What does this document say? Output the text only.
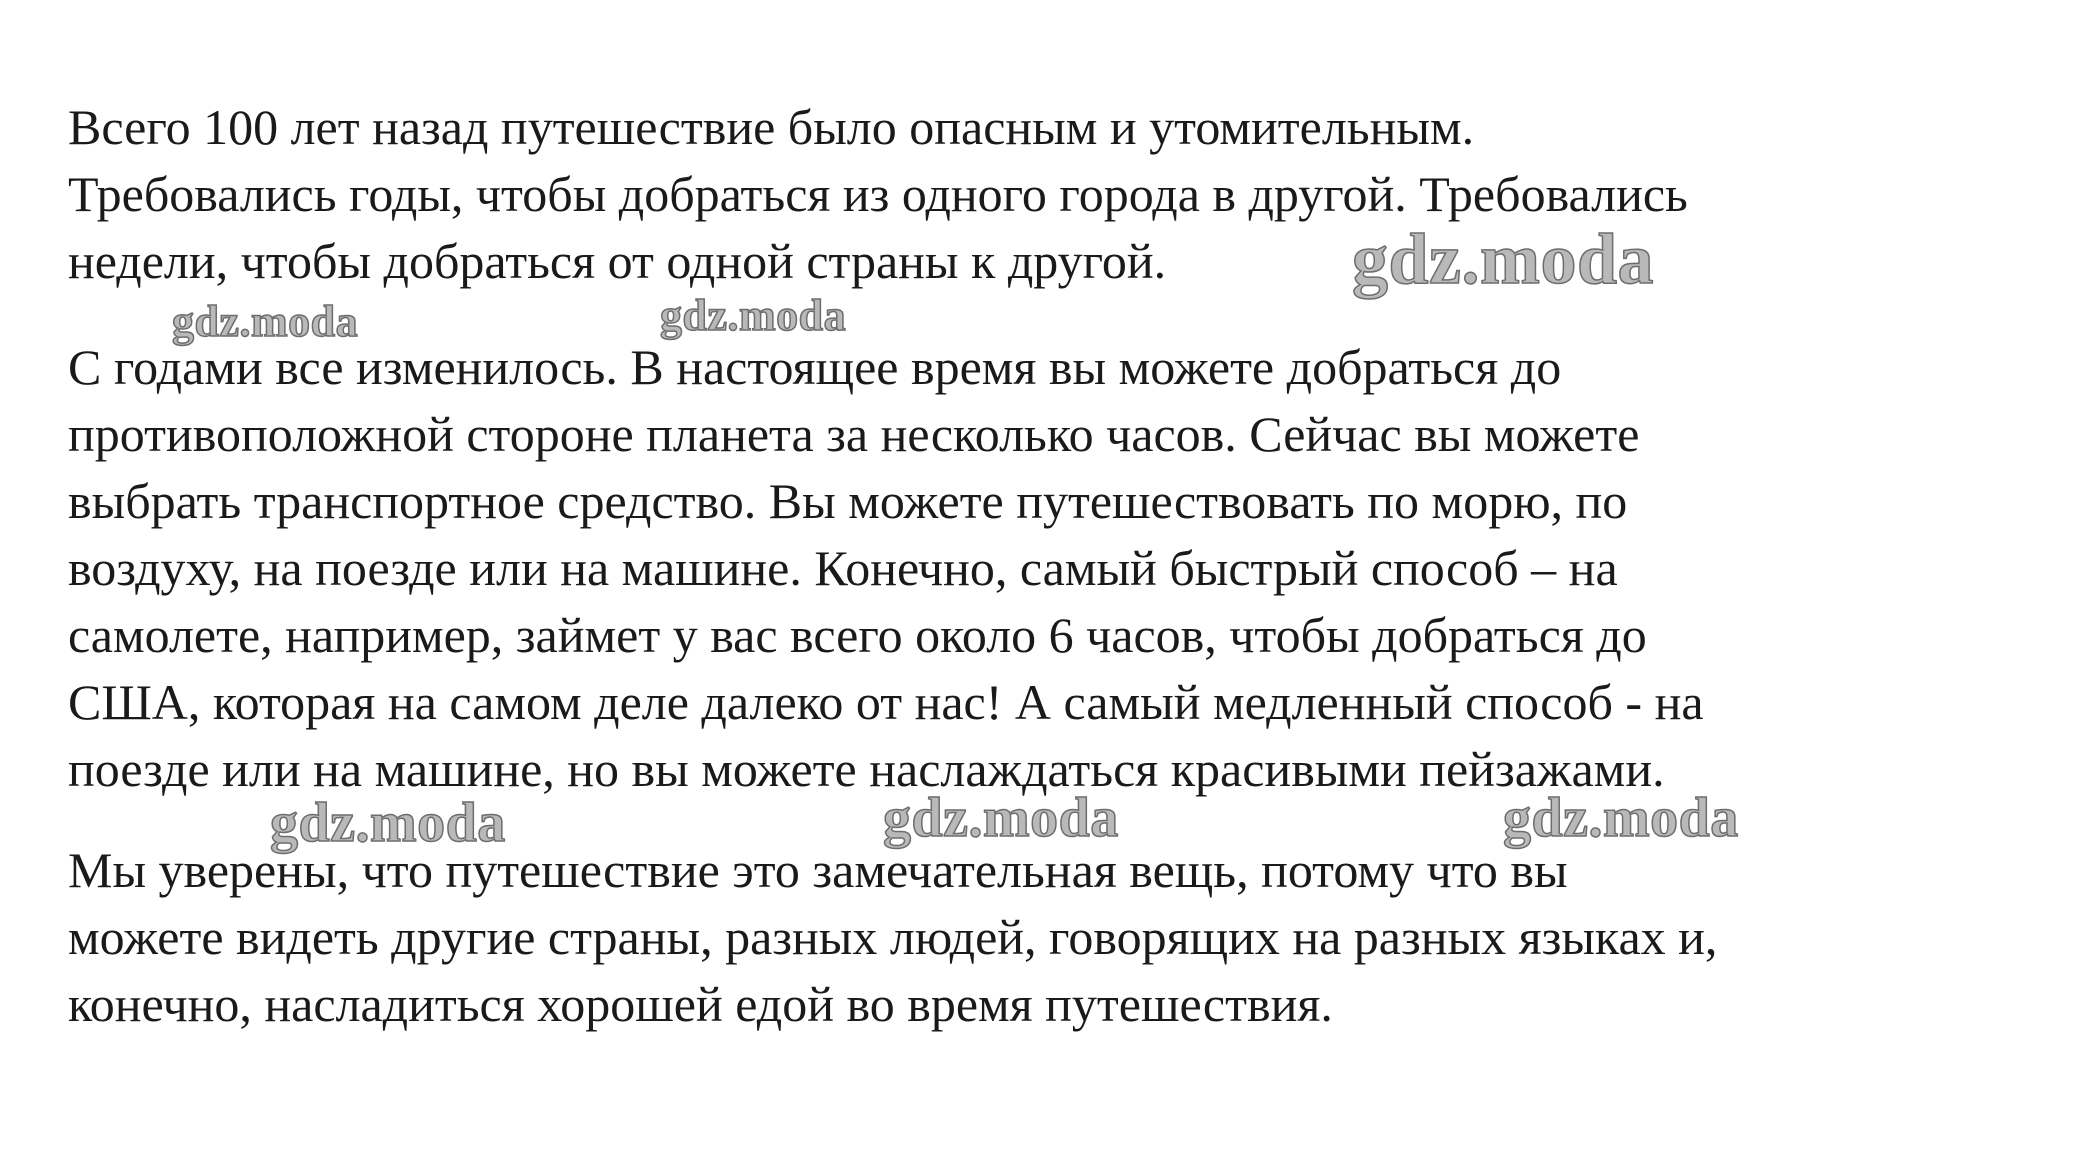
Всего 100 лет назад путешествие было опасным и утомительным.
Требовались годы, чтобы добраться из одного города в другой. Требовались
недели, чтобы добраться от одной страны к другой.

С годами все изменилось. В настоящее время вы можете добраться до
противоположной стороне планета за несколько часов. Сейчас вы можете
выбрать транспортное средство. Вы можете путешествовать по морю, по
воздуху, на поезде или на машине. Конечно, самый быстрый способ – на
самолете, например, займет у вас всего около 6 часов, чтобы добраться до
США, которая на самом деле далеко от нас! А самый медленный способ - на
поезде или на машине, но вы можете наслаждаться красивыми пейзажами.

Мы уверены, что путешествие это замечательная вещь, потому что вы
можете видеть другие страны, разных людей, говорящих на разных языках и,
конечно, насладиться хорошей едой во время путешествия.

gdz.moda
gdz.moda	gdz.moda
gdz.moda	gdz.moda	gdz.moda
